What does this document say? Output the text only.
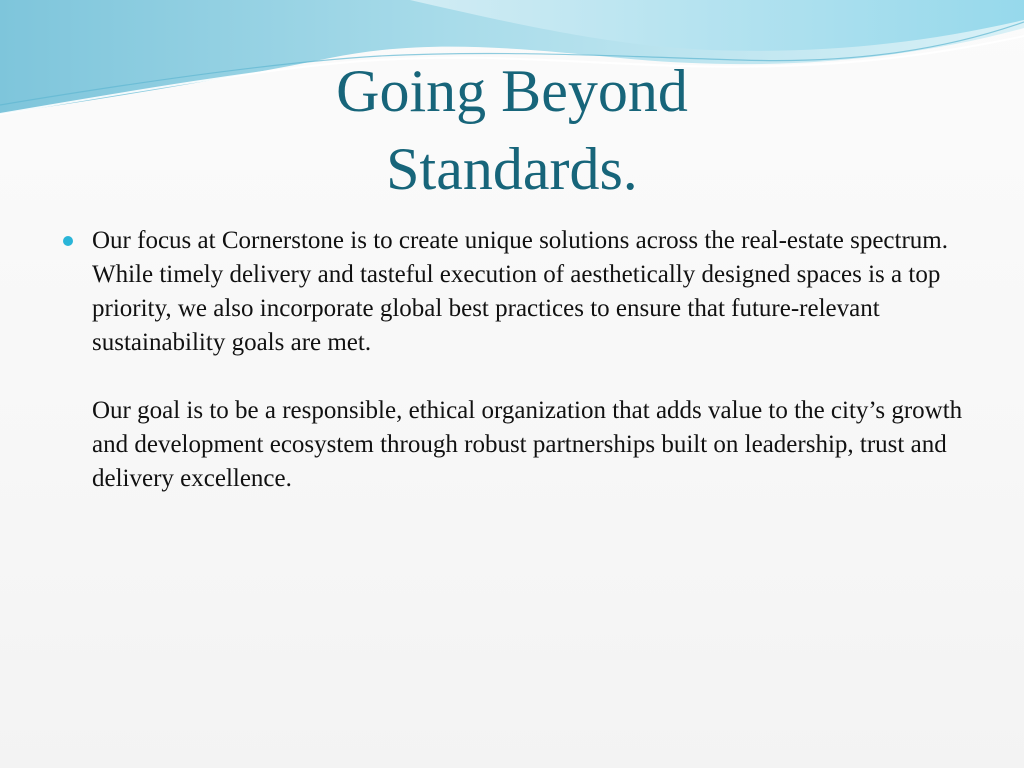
Going Beyond
Standards.

Our focus at Cornerstone is to create unique solutions across the real-estate spectrum. While timely delivery and tasteful execution of aesthetically designed spaces is a top priority, we also incorporate global best practices to ensure that future-relevant sustainability goals are met.

Our goal is to be a responsible, ethical organization that adds value to the city’s growth and development ecosystem through robust partnerships built on leadership, trust and delivery excellence.
